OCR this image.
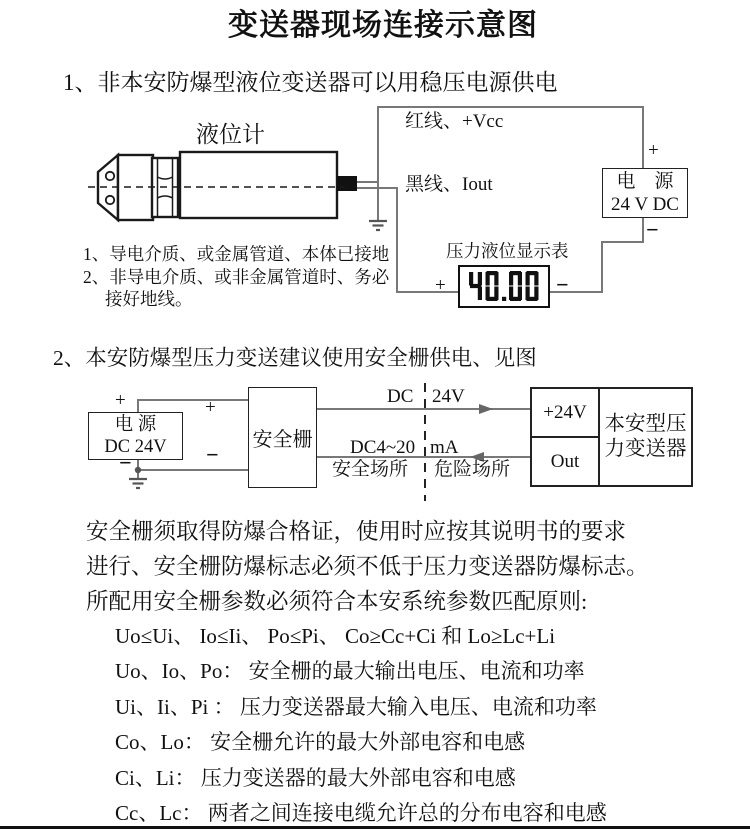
变送器现场连接示意图
1、非本安防爆型液位变送器可以用稳压电源供电
2、本安防爆型压力变送建议使用安全栅供电、见图
液位计
红线、+Vcc
黑线、Iout	电　源
24 V DC
+
−
压力液位显示表
+	−
1、导电介质、或金属管道、本体已接地
2、非导电介质、或非金属管道时、务必
接好地线。
电 源
DC 24V
+
−
+
−
安全栅
DC 24V
DC4~20 mA
安全场所 危险场所
+24V
Out
本安型压
力变送器
安全栅须取得防爆合格证，使用时应按其说明书的要求
进行、安全栅防爆标志必须不低于压力变送器防爆标志。
所配用安全栅参数必须符合本安系统参数匹配原则:
Uo≤Ui、 Io≤Ii、 Po≤Pi、 Co≥Cc+Ci 和 Lo≥Lc+Li
Uo、Io、Po： 安全栅的最大输出电压、电流和功率
Ui、Ii、Pi ： 压力变送器最大输入电压、电流和功率
Co、Lo： 安全栅允许的最大外部电容和电感
Ci、Li： 压力变送器的最大外部电容和电感
Cc、Lc： 两者之间连接电缆允许总的分布电容和电感
